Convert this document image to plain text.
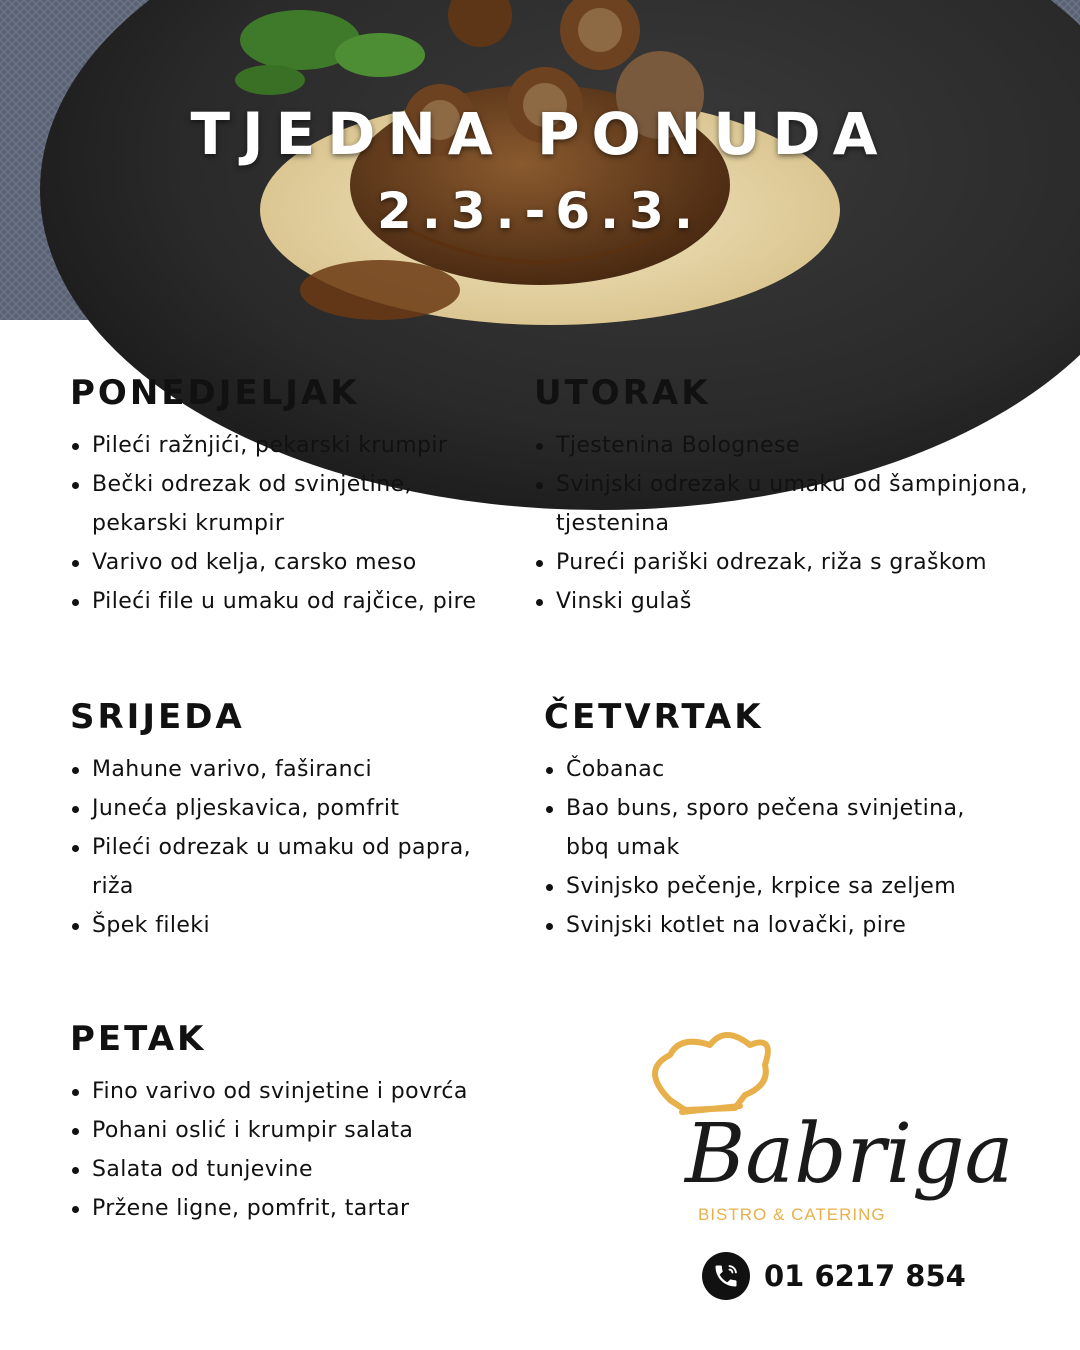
TJEDNA PONUDA
2.3.-6.3.
PONEDJELJAK
Pileći ražnjići, pekarski krumpir
Bečki odrezak od svinjetine, pekarski krumpir
Varivo od kelja, carsko meso
Pileći file u umaku od rajčice, pire
UTORAK
Tjestenina Bolognese
Svinjski odrezak u umaku od šampinjona, tjestenina
Pureći pariški odrezak, riža s graškom
Vinski gulaš
SRIJEDA
Mahune varivo, faširanci
Juneća pljeskavica, pomfrit
Pileći odrezak u umaku od papra, riža
Špek fileki
ČETVRTAK
Čobanac
Bao buns, sporo pečena svinjetina, bbq umak
Svinjsko pečenje, krpice sa zeljem
Svinjski kotlet na lovački, pire
PETAK
Fino varivo od svinjetine i povrća
Pohani oslić i krumpir salata
Salata od tunjevine
Pržene ligne, pomfrit, tartar
Babriga
BISTRO & CATERING
01 6217 854
